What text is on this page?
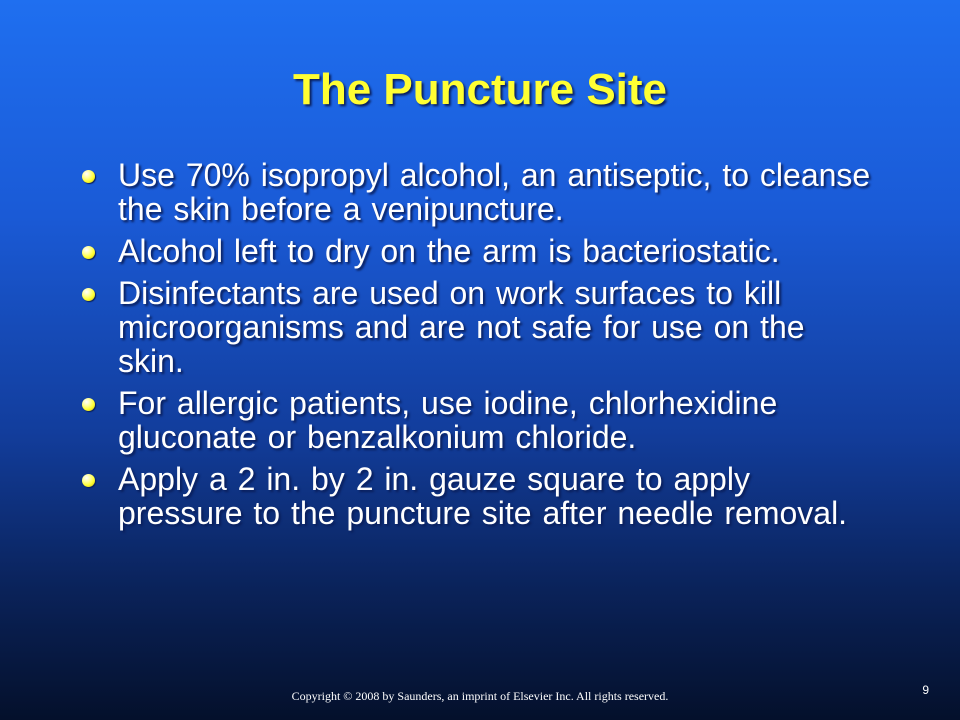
The Puncture Site
Use 70% isopropyl alcohol, an antiseptic, to cleanse the skin before a venipuncture.
Alcohol left to dry on the arm is bacteriostatic.
Disinfectants are used on work surfaces to kill microorganisms and are not safe for use on the skin.
For allergic patients, use iodine, chlorhexidine gluconate or benzalkonium chloride.
Apply a 2 in. by 2 in. gauze square to apply pressure to the puncture site after needle removal.
Copyright © 2008 by Saunders, an imprint of Elsevier Inc. All rights reserved.	9
